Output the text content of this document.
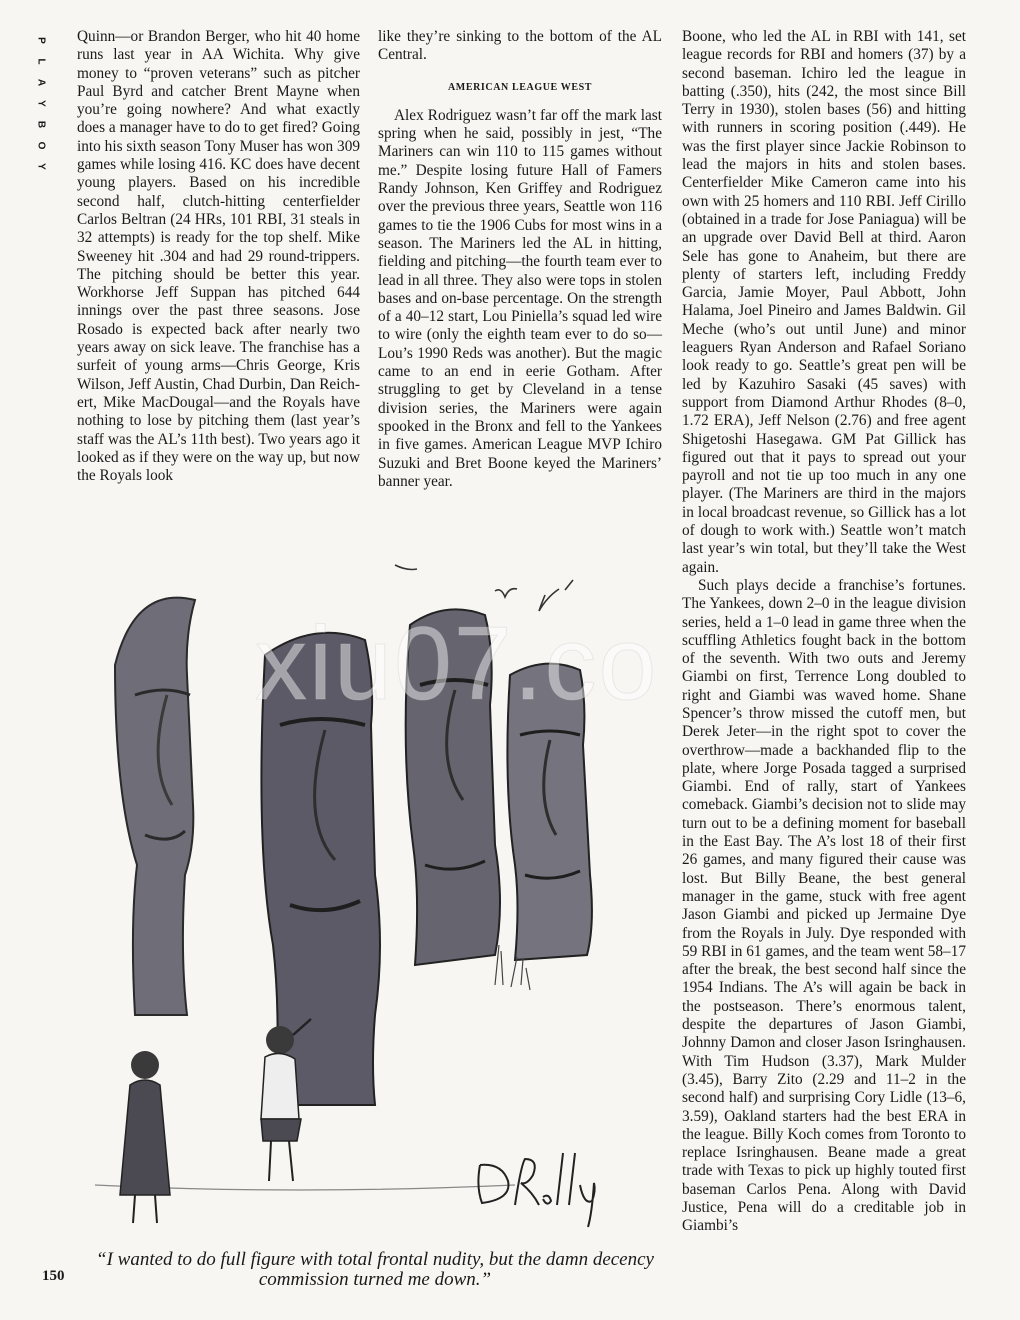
P
L
A
Y
B
O
Y

Quinn—or Brandon Berger, who hit 40 home runs last year in AA Wichita. Why give money to “proven veterans” such as pitcher Paul Byrd and catcher Brent Mayne when you’re going nowhere? And what exactly does a manager have to do to get fired? Going into his sixth season Tony Muser has won 309 games while losing 416. KC does have decent young players. Based on his incredible second half, clutch-hitting centerfielder Carlos Beltran (24 HRs, 101 RBI, 31 steals in 32 attempts) is ready for the top shelf. Mike Sweeney hit .304 and had 29 round-trippers. The pitching should be better this year. Workhorse Jeff Suppan has pitched 644 innings over the past three seasons. Jose Rosado is expected back after nearly two years away on sick leave. The franchise has a surfeit of young arms—Chris George, Kris Wilson, Jeff Austin, Chad Durbin, Dan Reichert, Mike MacDougal—and the Royals have nothing to lose by pitching them (last year’s staff was the AL’s 11th best). Two years ago it looked as if they were on the way up, but now the Royals look

like they’re sinking to the bottom of the AL Central.

AMERICAN LEAGUE WEST

Alex Rodriguez wasn’t far off the mark last spring when he said, possibly in jest, “The Mariners can win 110 to 115 games without me.” Despite losing future Hall of Famers Randy Johnson, Ken Griffey and Rodriguez over the previous three years, Seattle won 116 games to tie the 1906 Cubs for most wins in a season. The Mariners led the AL in hitting, fielding and pitching—the fourth team ever to lead in all three. They also were tops in stolen bases and on-base percentage. On the strength of a 40–12 start, Lou Piniella’s squad led wire to wire (only the eighth team ever to do so—Lou’s 1990 Reds was another). But the magic came to an end in eerie Gotham. After struggling to get by Cleveland in a tense division series, the Mariners were again spooked in the Bronx and fell to the Yankees in five games. American League MVP Ichiro Suzuki and Bret Boone keyed the Mariners’ banner year.

Boone, who led the AL in RBI with 141, set league records for RBI and homers (37) by a second baseman. Ichiro led the league in batting (.350), hits (242, the most since Bill Terry in 1930), stolen bases (56) and hitting with runners in scoring position (.449). He was the first player since Jackie Robinson to lead the majors in hits and stolen bases. Centerfielder Mike Cameron came into his own with 25 homers and 110 RBI. Jeff Cirillo (obtained in a trade for Jose Paniagua) will be an upgrade over David Bell at third. Aaron Sele has gone to Anaheim, but there are plenty of starters left, including Freddy Garcia, Jamie Moyer, Paul Abbott, John Halama, Joel Pineiro and James Baldwin. Gil Meche (who’s out until June) and minor leaguers Ryan Anderson and Rafael Soriano look ready to go. Seattle’s great pen will be led by Kazuhiro Sasaki (45 saves) with support from Diamond Arthur Rhodes (8–0, 1.72 ERA), Jeff Nelson (2.76) and free agent Shigetoshi Hasegawa. GM Pat Gillick has figured out that it pays to spread out your payroll and not tie up too much in any one player. (The Mariners are third in the majors in local broadcast revenue, so Gillick has a lot of dough to work with.) Seattle won’t match last year’s win total, but they’ll take the West again.

Such plays decide a franchise’s fortunes. The Yankees, down 2–0 in the league division series, held a 1–0 lead in game three when the scuffling Athletics fought back in the bottom of the seventh. With two outs and Jeremy Giambi on first, Terrence Long doubled to right and Giambi was waved home. Shane Spencer’s throw missed the cutoff men, but Derek Jeter—in the right spot to cover the overthrow—made a backhanded flip to the plate, where Jorge Posada tagged a surprised Giambi. End of rally, start of Yankees comeback. Giambi’s decision not to slide may turn out to be a defining moment for baseball in the East Bay. The A’s lost 18 of their first 26 games, and many figured their cause was lost. But Billy Beane, the best general manager in the game, stuck with free agent Jason Giambi and picked up Jermaine Dye from the Royals in July. Dye responded with 59 RBI in 61 games, and the team went 58–17 after the break, the best second half since the 1954 Indians. The A’s will again be back in the postseason. There’s enormous talent, despite the departures of Jason Giambi, Johnny Damon and closer Jason Isringhausen. With Tim Hudson (3.37), Mark Mulder (3.45), Barry Zito (2.29 and 11–2 in the second half) and surprising Cory Lidle (13–6, 3.59), Oakland starters had the best ERA in the league. Billy Koch comes from Toronto to replace Isringhausen. Beane made a great trade with Texas to pick up highly touted first baseman Carlos Pena. Along with David Justice, Pena will do a creditable job in Giambi’s

xiu07.co
“I wanted to do full figure with total frontal nudity, but the damn decency commission turned me down.”
150
